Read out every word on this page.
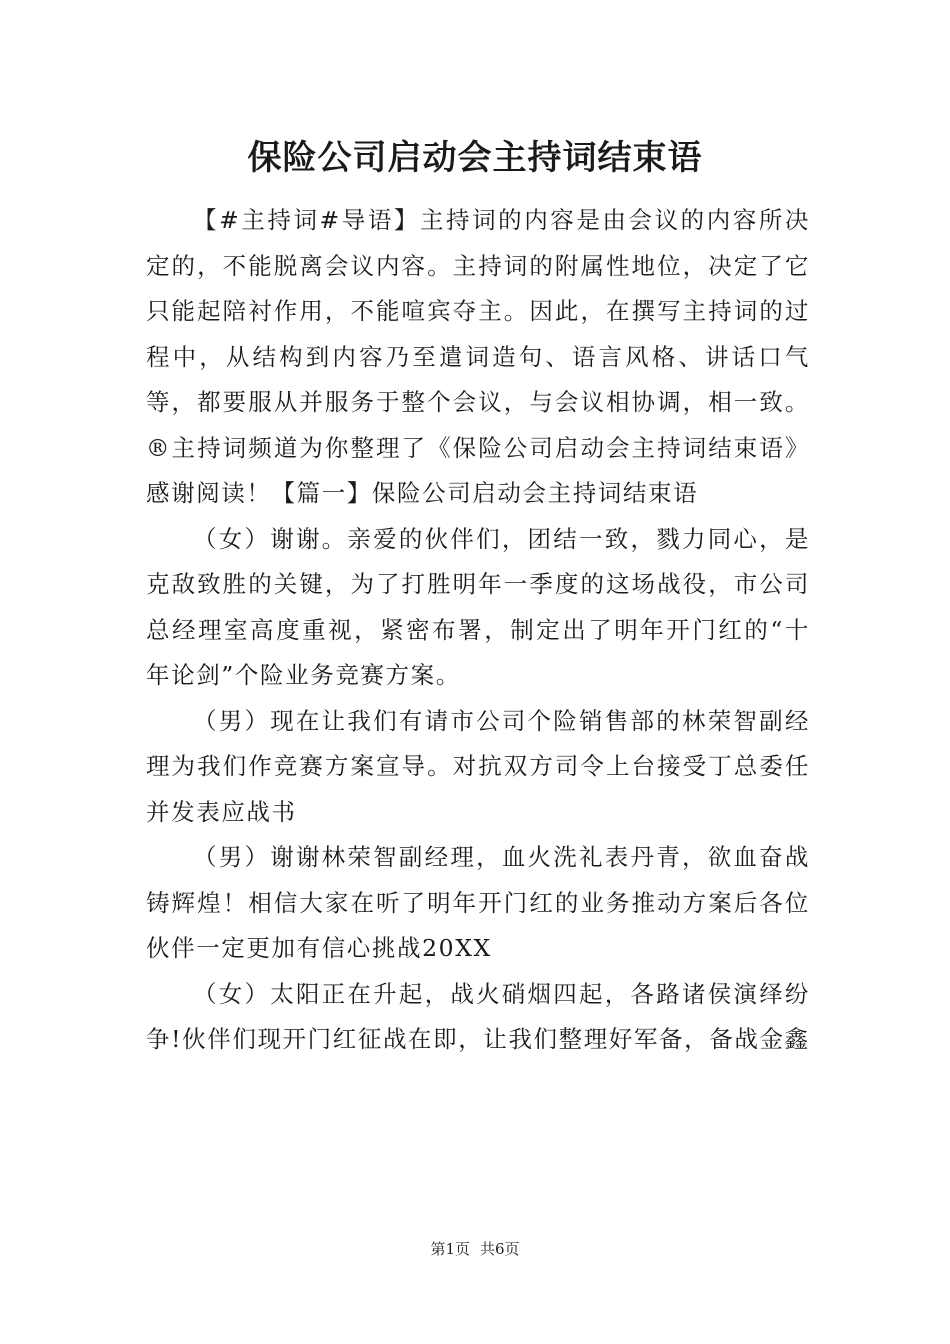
保险公司启动会主持词结束语

【#主持词#导语】主持词的内容是由会议的内容所决定的，不能脱离会议内容。主持词的附属性地位，决定了它只能起陪衬作用，不能喧宾夺主。因此，在撰写主持词的过程中，从结构到内容乃至遣词造句、语言风格、讲话口气等，都要服从并服务于整个会议，与会议相协调，相一致。®主持词频道为你整理了《保险公司启动会主持词结束语》感谢阅读！【篇一】保险公司启动会主持词结束语

（女）谢谢。亲爱的伙伴们，团结一致，戮力同心，是克敌致胜的关键，为了打胜明年一季度的这场战役，市公司总经理室高度重视，紧密布署，制定出了明年开门红的“十年论剑”个险业务竞赛方案。

（男）现在让我们有请市公司个险销售部的林荣智副经理为我们作竞赛方案宣导。对抗双方司令上台接受丁总委任并发表应战书

（男）谢谢林荣智副经理，血火洗礼表丹青，欲血奋战铸辉煌！相信大家在听了明年开门红的业务推动方案后各位伙伴一定更加有信心挑战20XX

（女）太阳正在升起，战火硝烟四起，各路诸侯演绎纷争!伙伴们现开门红征战在即，让我们整理好军备，备战金鑫

第1页 共6页
